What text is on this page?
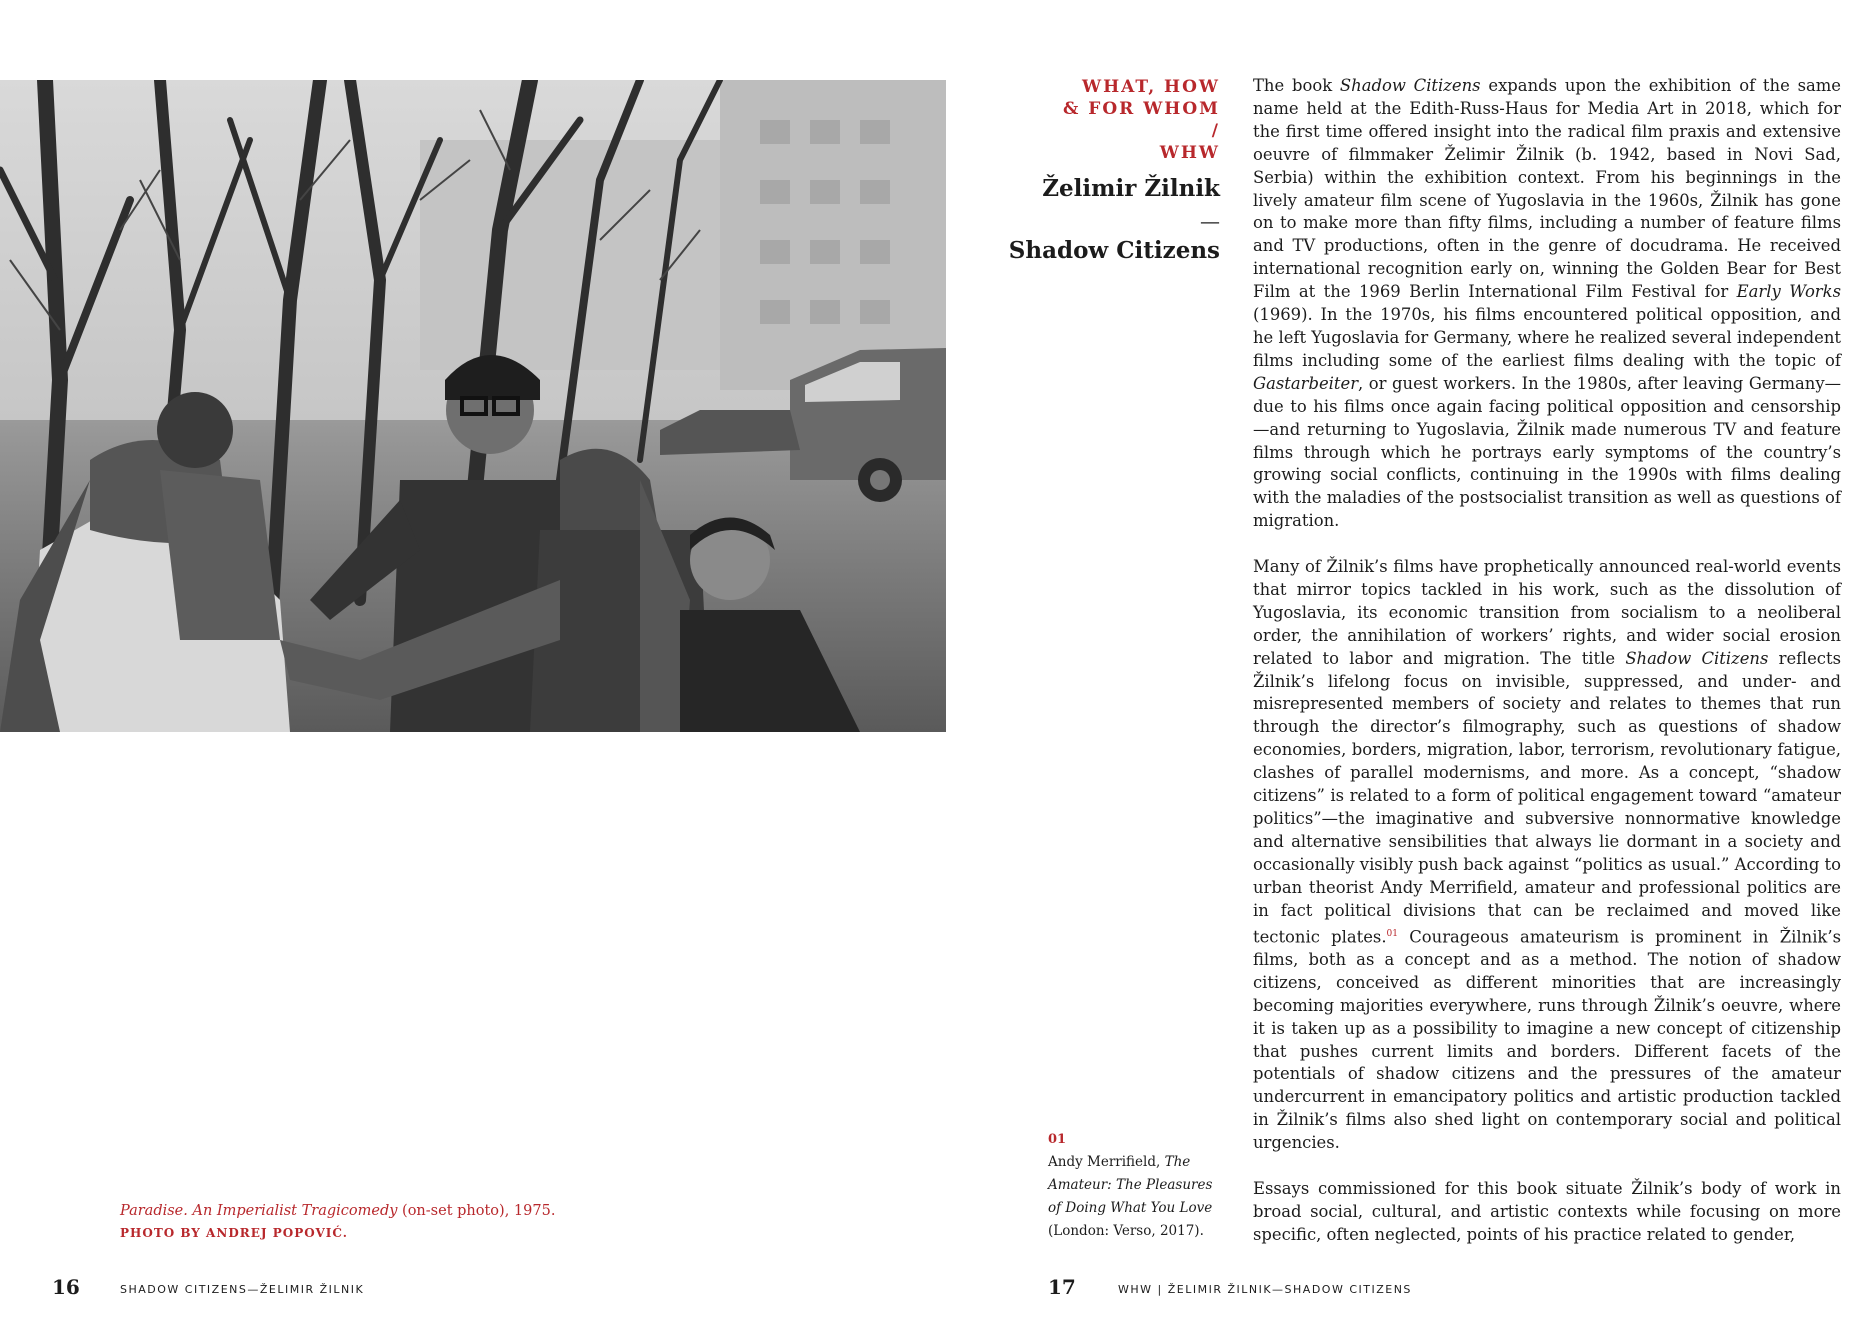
Paradise. An Imperialist Tragicomedy (on-set photo), 1975.
PHOTO BY ANDREJ POPOVIĆ.
16	SHADOW CITIZENS—ŽELIMIR ŽILNIK
WHAT, HOW
& FOR WHOM
/
WHW
Želimir Žilnik
—
Shadow Citizens
01
Andy Merrifield, The Amateur: The Pleasures of Doing What You Love (London: Verso, 2017).

The book Shadow Citizens expands upon the exhibition of the same name held at the Edith-Russ-Haus for Media Art in 2018, which for the first time offered insight into the radical film praxis and extensive oeuvre of filmmaker Želimir Žilnik (b. 1942, based in Novi Sad, Serbia) within the exhibition context. From his beginnings in the lively amateur film scene of Yugoslavia in the 1960s, Žilnik has gone on to make more than fifty films, including a number of feature films and TV productions, often in the genre of docudrama. He received international recognition early on, winning the Golden Bear for Best Film at the 1969 Berlin International Film Festival for Early Works (1969). In the 1970s, his films encountered political opposition, and he left Yugoslavia for Germany, where he realized several independent films including some of the earliest films dealing with the topic of Gastarbeiter, or guest workers. In the 1980s, after leaving Germany—due to his films once again facing political opposition and censorship—and returning to Yugoslavia, Žilnik made numerous TV and feature films through which he portrays early symptoms of the country’s growing social conflicts, continuing in the 1990s with films dealing with the maladies of the postsocialist transition as well as questions of migration.

Many of Žilnik’s films have prophetically announced real-world events that mirror topics tackled in his work, such as the dissolution of Yugoslavia, its economic transition from socialism to a neoliberal order, the annihilation of workers’ rights, and wider social erosion related to labor and migration. The title Shadow Citizens reflects Žilnik’s lifelong focus on invisible, suppressed, and under- and misrepresented members of society and relates to themes that run through the director’s filmography, such as questions of shadow economies, borders, migration, labor, terrorism, revolutionary fatigue, clashes of parallel modernisms, and more. As a concept, “shadow citizens” is related to a form of political engagement toward “amateur politics”—the imaginative and subversive nonnormative knowledge and alternative sensibilities that always lie dormant in a society and occasionally visibly push back against “politics as usual.” According to urban theorist Andy Merrifield, amateur and professional politics are in fact political divisions that can be reclaimed and moved like tectonic plates.$^{01}$ Courageous amateurism is prominent in Žilnik’s films, both as a concept and as a method. The notion of shadow citizens, conceived as different minorities that are increasingly becoming majorities everywhere, runs through Žilnik’s oeuvre, where it is taken up as a possibility to imagine a new concept of citizenship that pushes current limits and borders. Different facets of the potentials of shadow citizens and the pressures of the amateur undercurrent in emancipatory politics and artistic production tackled in Žilnik’s films also shed light on contemporary social and political urgencies.

Essays commissioned for this book situate Žilnik’s body of work in broad social, cultural, and artistic contexts while focusing on more specific, often neglected, points of his practice related to gender,

17	WHW | ŽELIMIR ŽILNIK—SHADOW CITIZENS
